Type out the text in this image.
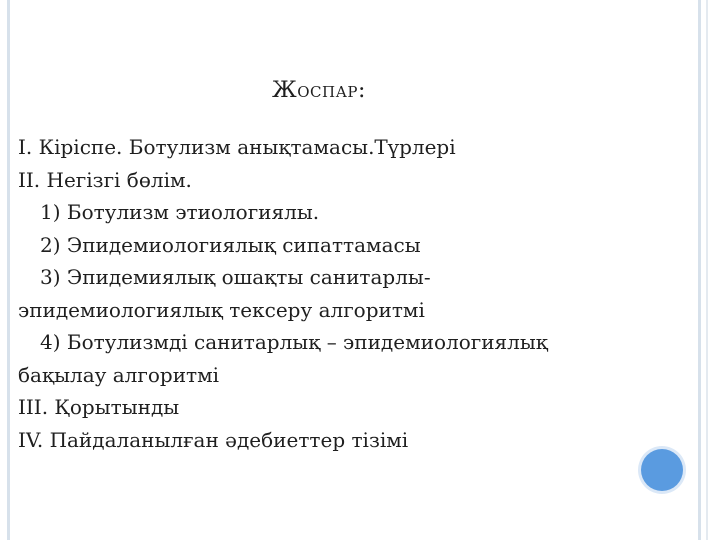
Жоспар:
I. Кіріспе. Ботулизм анықтамасы.Түрлері
II. Негізгі бөлім.
1) Ботулизм этиологиялы.
2) Эпидемиологиялық сипаттамасы
3) Эпидемиялық ошақты санитарлы-
эпидемиологиялық тексеру алгоритмі
4) Ботулизмді санитарлық – эпидемиологиялық
бақылау алгоритмі
III. Қорытынды
IV. Пайдаланылған әдебиеттер тізімі
